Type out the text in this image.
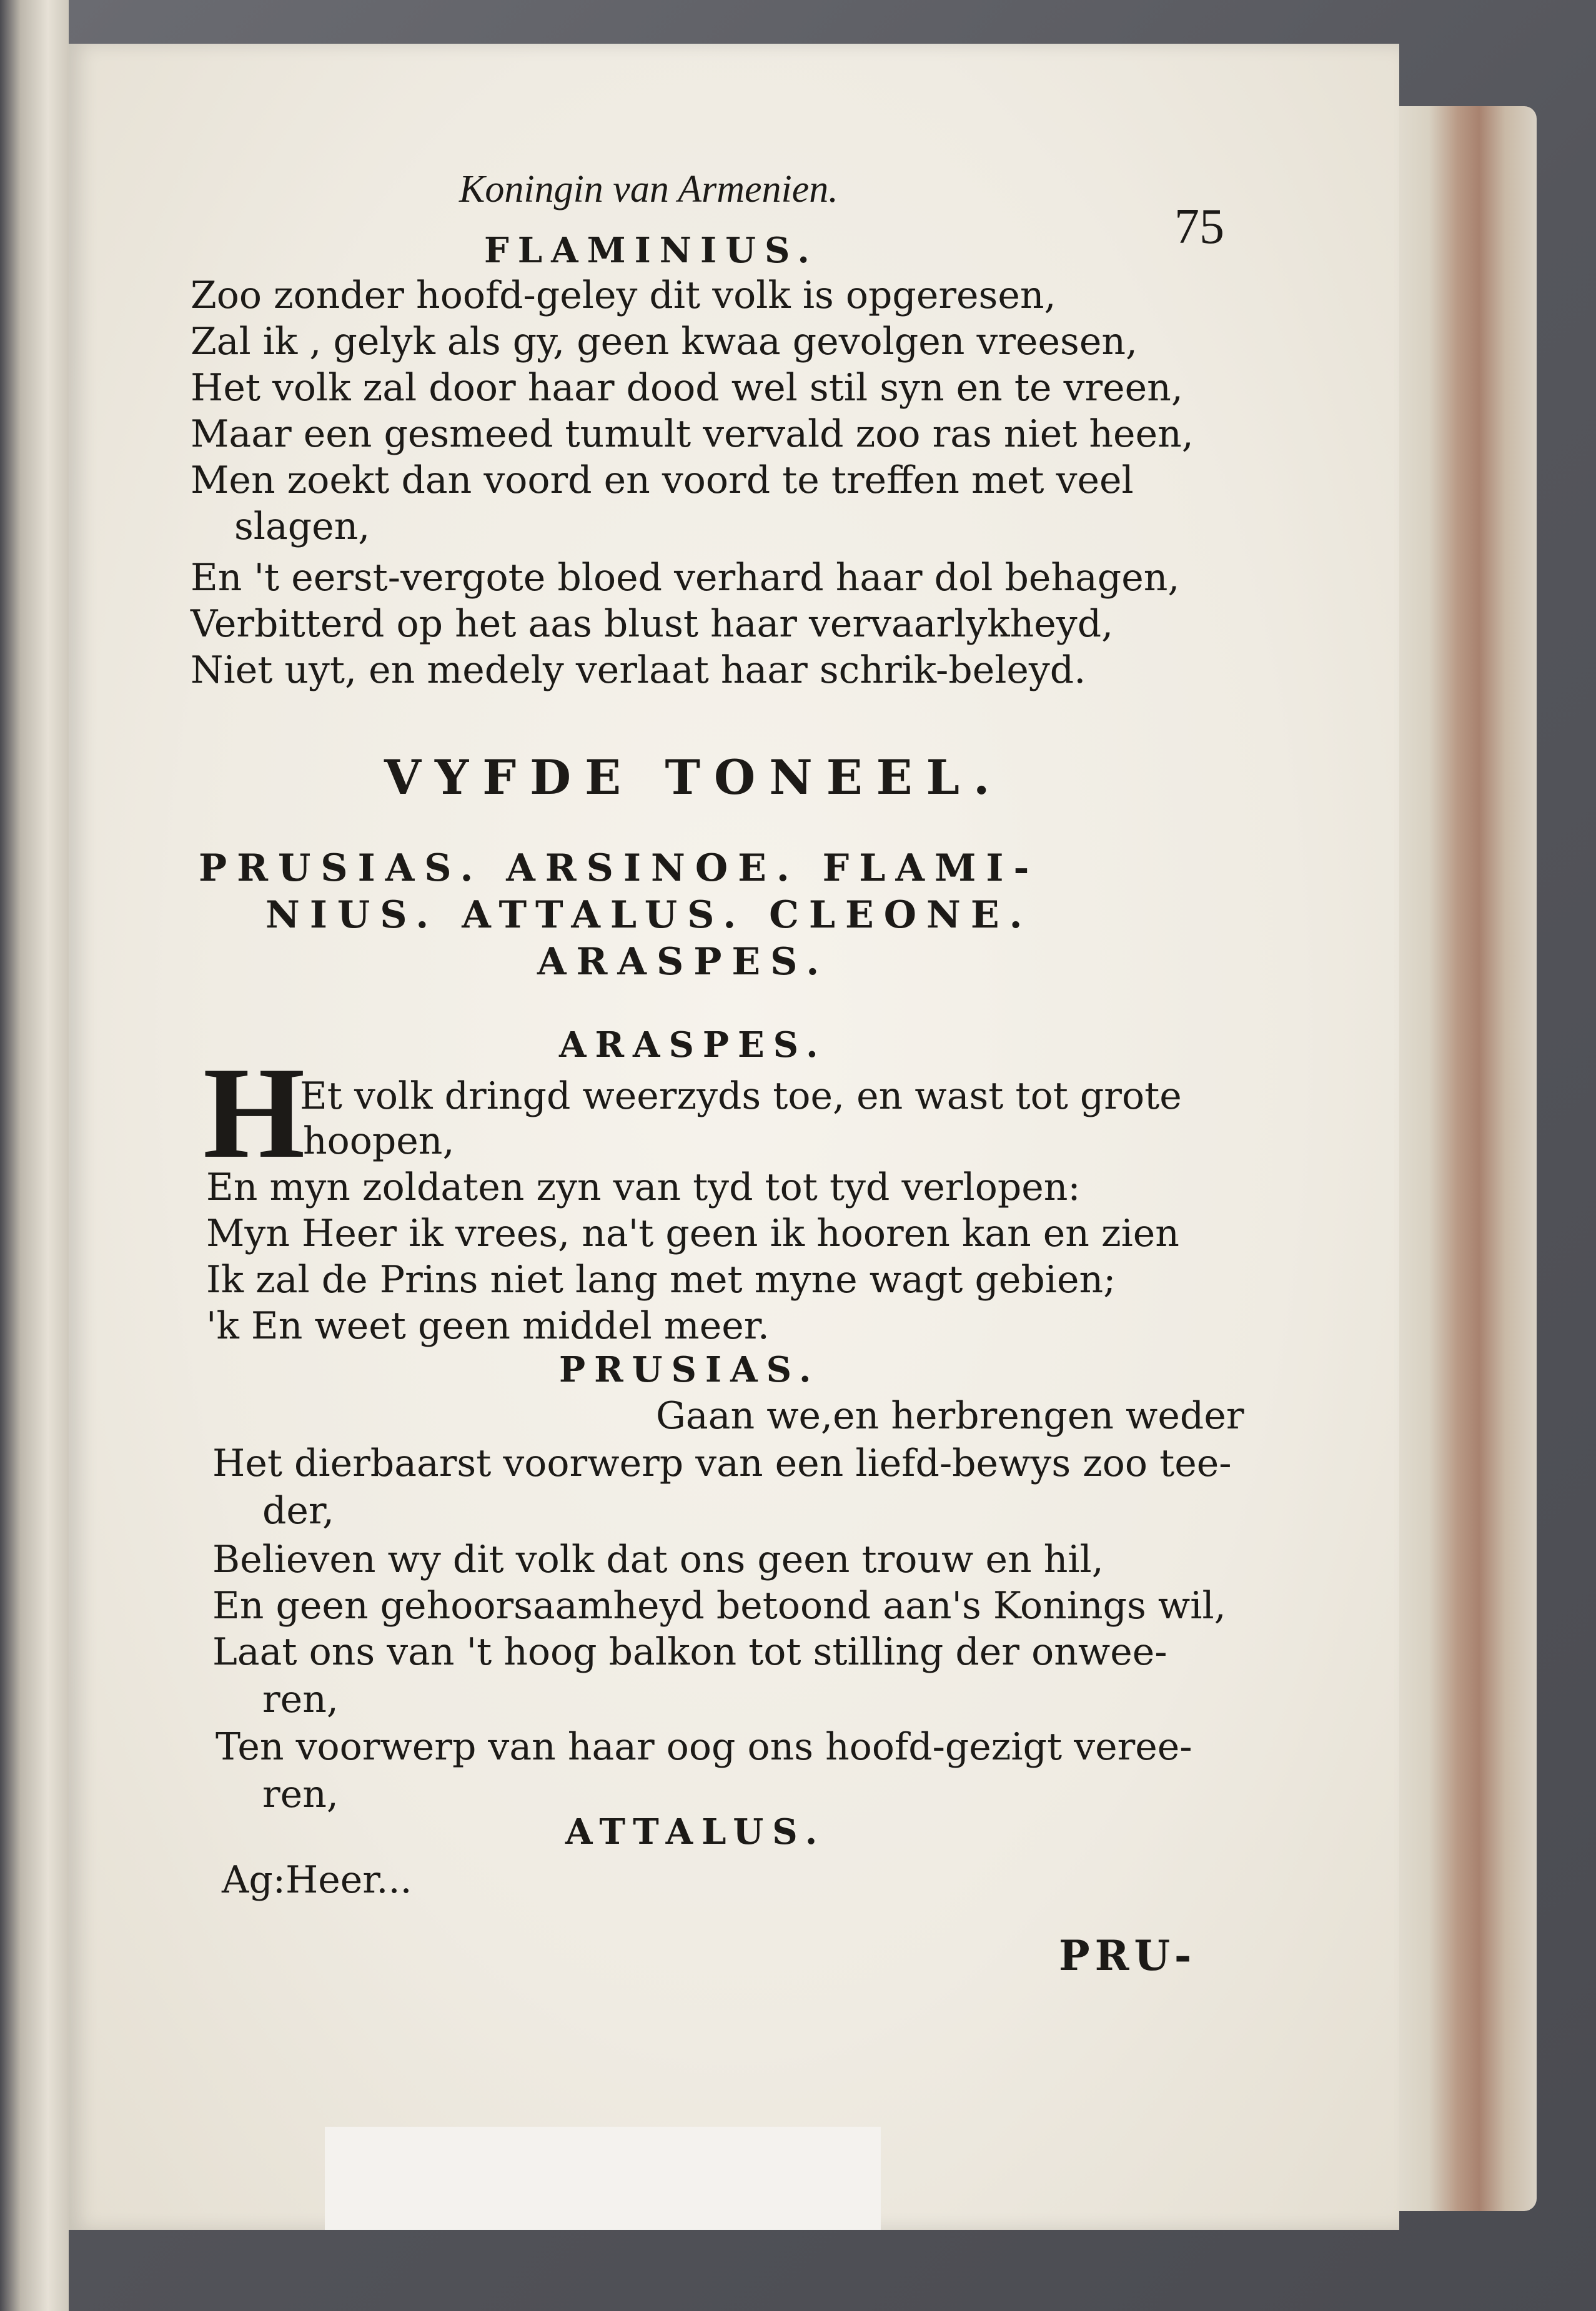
Koningin van Armenien.
75
FLAMINIUS.
Zoo zonder hoofd-geley dit volk is opgeresen,
Zal ik , gelyk als gy, geen kwaa gevolgen vreesen,
Het volk zal door haar dood wel stil syn en te vreen,
Maar een gesmeed tumult vervald zoo ras niet heen,
Men zoekt dan voord en voord te treffen met veel
slagen,
En 't eerst-vergote bloed verhard haar dol behagen,
Verbitterd op het aas blust haar vervaarlykheyd,
Niet uyt, en medely verlaat haar schrik-beleyd.
VYFDE TONEEL.
PRUSIAS. ARSINOE. FLAMI-
NIUS. ATTALUS. CLEONE.
ARASPES.
ARASPES.
H
Et volk dringd weerzyds toe, en wast tot grote
hoopen,
En myn zoldaten zyn van tyd tot tyd verlopen:
Myn Heer ik vrees, na't geen ik hooren kan en zien
Ik zal de Prins niet lang met myne wagt gebien;
'k En weet geen middel meer.
PRUSIAS.
Gaan we,en herbrengen weder
Het dierbaarst voorwerp van een liefd-bewys zoo tee-
der,
Believen wy dit volk dat ons geen trouw en hil,
En geen gehoorsaamheyd betoond aan's Konings wil,
Laat ons van 't hoog balkon tot stilling der onwee-
ren,
Ten voorwerp van haar oog ons hoofd-gezigt veree-
ren,
ATTALUS.
Ag:Heer...
PRU-
